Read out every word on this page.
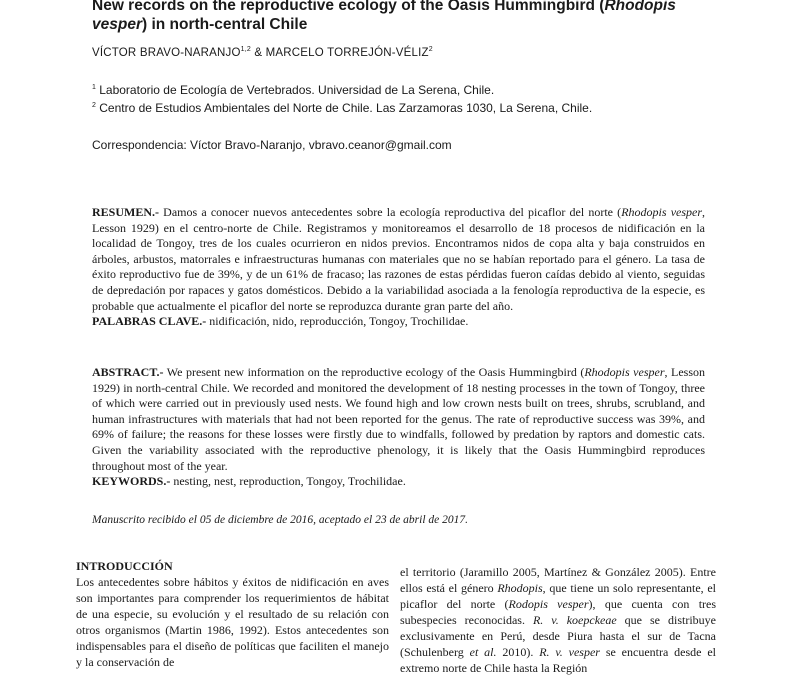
New records on the reproductive ecology of the Oasis Hummingbird (Rhodopis vesper) in north-central Chile
VÍCTOR BRAVO-NARANJO$^{1,2}$ & MARCELO TORREJÓN-VÉLIZ$^2$
$^1$ Laboratorio de Ecología de Vertebrados. Universidad de La Serena, Chile.
$^2$ Centro de Estudios Ambientales del Norte de Chile. Las Zarzamoras 1030, La Serena, Chile.
Correspondencia: Víctor Bravo-Naranjo, vbravo.ceanor@gmail.com
RESUMEN.- Damos a conocer nuevos antecedentes sobre la ecología reproductiva del picaflor del norte (Rhodopis vesper, Lesson 1929) en el centro-norte de Chile. Registramos y monitoreamos el desarrollo de 18 procesos de nidificación en la localidad de Tongoy, tres de los cuales ocurrieron en nidos previos. Encontramos nidos de copa alta y baja construidos en árboles, arbustos, matorrales e infraestructuras humanas con materiales que no se habían reportado para el género. La tasa de éxito reproductivo fue de 39%, y de un 61% de fracaso; las razones de estas pérdidas fueron caídas debido al viento, seguidas de depredación por rapaces y gatos domésticos. Debido a la variabilidad asociada a la fenología reproductiva de la especie, es probable que actualmente el picaflor del norte se reproduzca durante gran parte del año.
PALABRAS CLAVE.- nidificación, nido, reproducción, Tongoy, Trochilidae.
ABSTRACT.- We present new information on the reproductive ecology of the Oasis Hummingbird (Rhodopis vesper, Lesson 1929) in north-central Chile. We recorded and monitored the development of 18 nesting processes in the town of Tongoy, three of which were carried out in previously used nests. We found high and low crown nests built on trees, shrubs, scrubland, and human infrastructures with materials that had not been reported for the genus. The rate of reproductive success was 39%, and 69% of failure; the reasons for these losses were firstly due to windfalls, followed by predation by raptors and domestic cats. Given the variability associated with the reproductive phenology, it is likely that the Oasis Hummingbird reproduces throughout most of the year.
KEYWORDS.- nesting, nest, reproduction, Tongoy, Trochilidae.
Manuscrito recibido el 05 de diciembre de 2016, aceptado el 23 de abril de 2017.
INTRODUCCIÓN
Los antecedentes sobre hábitos y éxitos de nidificación en aves son importantes para comprender los requerimientos de hábitat de una especie, su evolución y el resultado de su relación con otros organismos (Martin 1986, 1992). Estos antecedentes son indispensables para el diseño de políticas que faciliten el manejo y la conservación de
el territorio (Jaramillo 2005, Martínez & González 2005). Entre ellos está el género Rhodopis, que tiene un solo representante, el picaflor del norte (Rodopis vesper), que cuenta con tres subespecies reconocidas. R. v. koepckeae que se distribuye exclusivamente en Perú, desde Piura hasta el sur de Tacna (Schulenberg et al. 2010). R. v. vesper se encuentra desde el extremo norte de Chile hasta la Región
